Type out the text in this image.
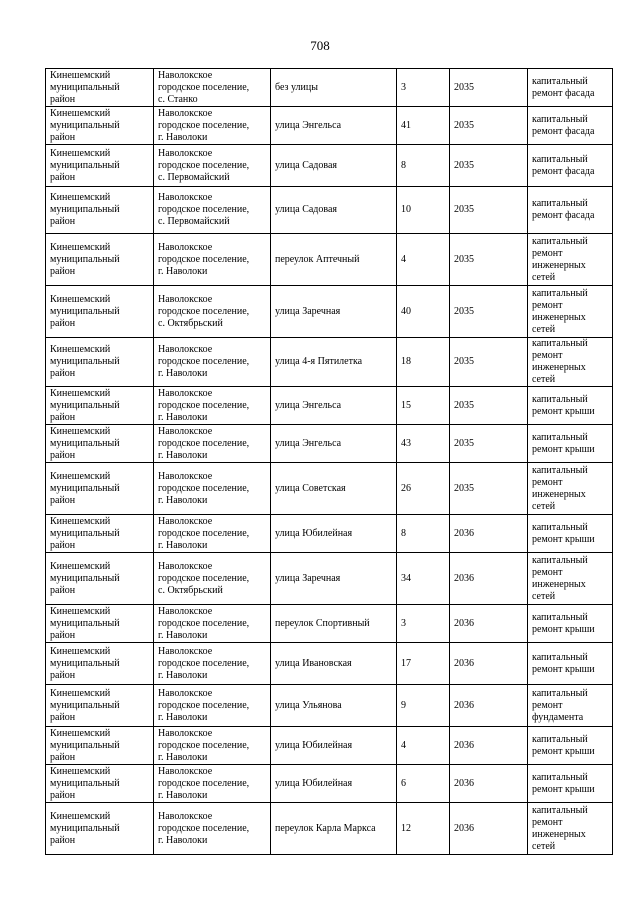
708
Кинешемский
муниципальный
район	Наволокское
городское поселение,
с. Станко	без улицы	3	2035	капитальный
ремонт фасада

Кинешемский
муниципальный
район	Наволокское
городское поселение,
г. Наволоки	улица Энгельса	41	2035	капитальный
ремонт фасада

Кинешемский
муниципальный
район	Наволокское
городское поселение,
с. Первомайский	улица Садовая	8	2035	капитальный
ремонт фасада

Кинешемский
муниципальный
район	Наволокское
городское поселение,
с. Первомайский	улица Садовая	10	2035	капитальный
ремонт фасада

Кинешемский
муниципальный
район	Наволокское
городское поселение,
г. Наволоки	переулок Аптечный	4	2035	капитальный
ремонт
инженерных
сетей

Кинешемский
муниципальный
район	Наволокское
городское поселение,
с. Октябрьский	улица Заречная	40	2035	капитальный
ремонт
инженерных
сетей

Кинешемский
муниципальный
район	Наволокское
городское поселение,
г. Наволоки	улица 4-я Пятилетка	18	2035	капитальный
ремонт
инженерных
сетей

Кинешемский
муниципальный
район	Наволокское
городское поселение,
г. Наволоки	улица Энгельса	15	2035	капитальный
ремонт крыши

Кинешемский
муниципальный
район	Наволокское
городское поселение,
г. Наволоки	улица Энгельса	43	2035	капитальный
ремонт крыши

Кинешемский
муниципальный
район	Наволокское
городское поселение,
г. Наволоки	улица Советская	26	2035	капитальный
ремонт
инженерных
сетей

Кинешемский
муниципальный
район	Наволокское
городское поселение,
г. Наволоки	улица Юбилейная	8	2036	капитальный
ремонт крыши

Кинешемский
муниципальный
район	Наволокское
городское поселение,
с. Октябрьский	улица Заречная	34	2036	капитальный
ремонт
инженерных
сетей

Кинешемский
муниципальный
район	Наволокское
городское поселение,
г. Наволоки	переулок Спортивный	3	2036	капитальный
ремонт крыши

Кинешемский
муниципальный
район	Наволокское
городское поселение,
г. Наволоки	улица Ивановская	17	2036	капитальный
ремонт крыши

Кинешемский
муниципальный
район	Наволокское
городское поселение,
г. Наволоки	улица Ульянова	9	2036	капитальный
ремонт
фундамента

Кинешемский
муниципальный
район	Наволокское
городское поселение,
г. Наволоки	улица Юбилейная	4	2036	капитальный
ремонт крыши

Кинешемский
муниципальный
район	Наволокское
городское поселение,
г. Наволоки	улица Юбилейная	6	2036	капитальный
ремонт крыши

Кинешемский
муниципальный
район	Наволокское
городское поселение,
г. Наволоки	переулок Карла Маркса	12	2036	капитальный
ремонт
инженерных
сетей
